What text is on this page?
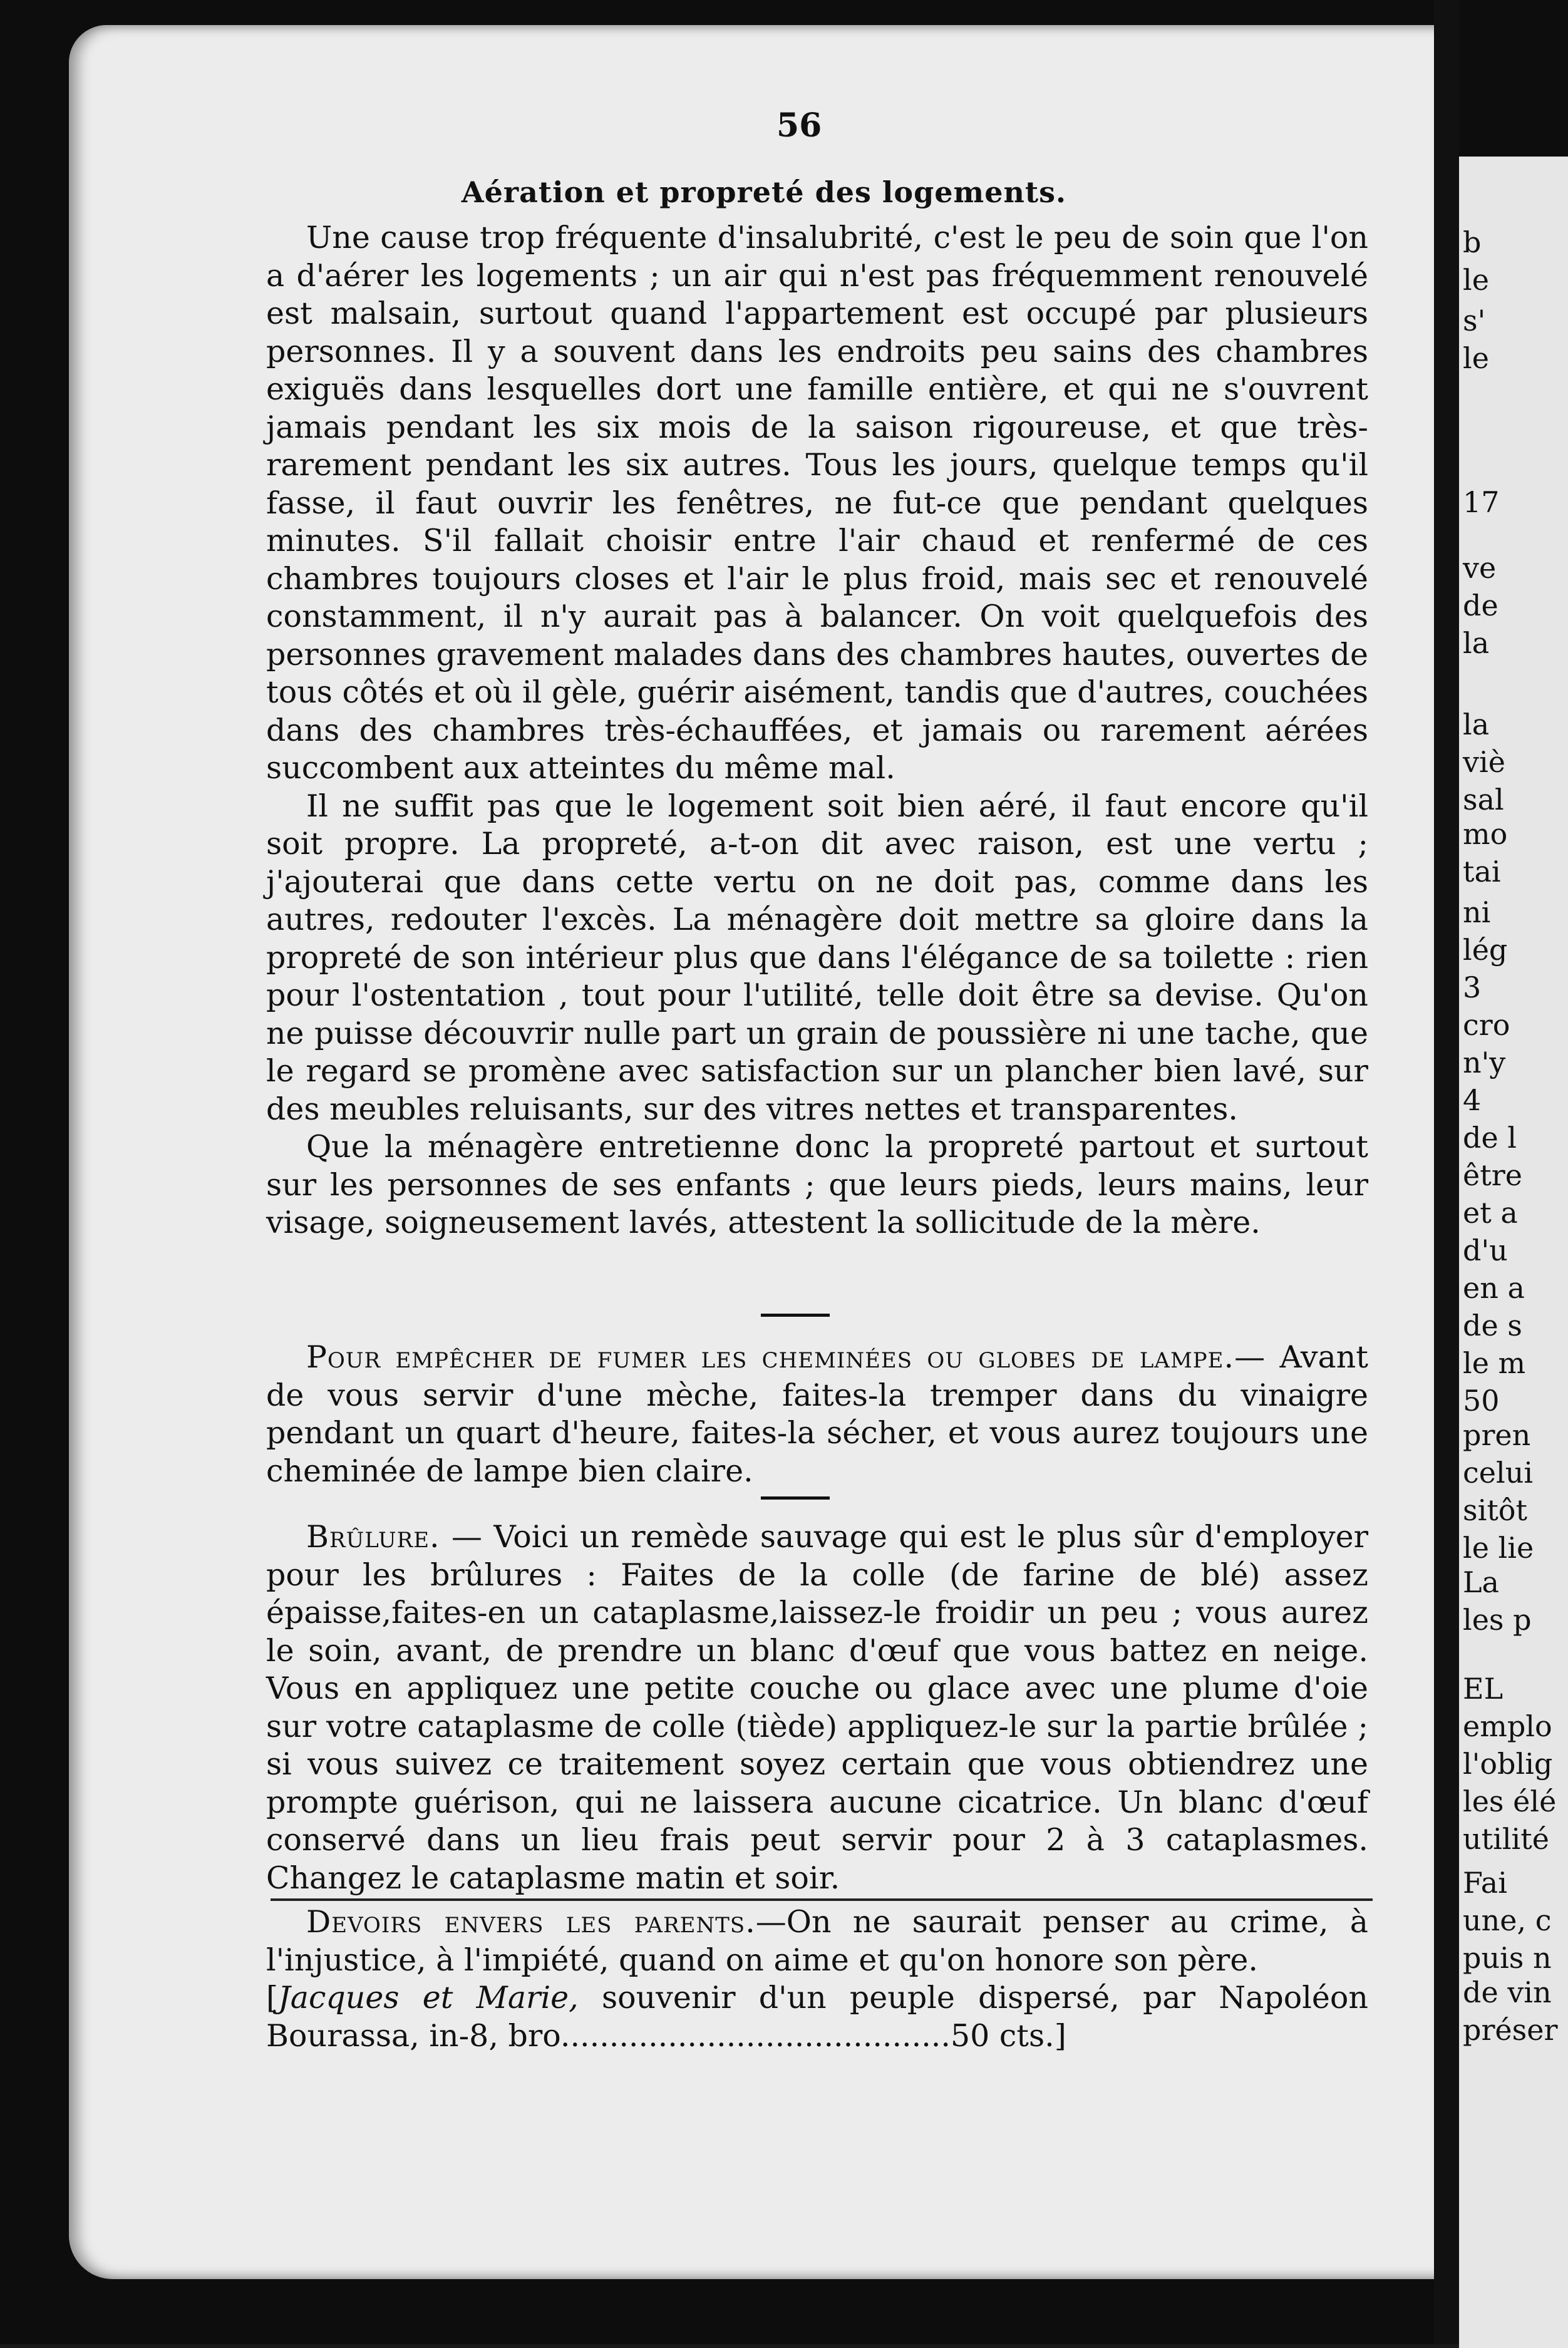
b
le
s'
le
17
ve
de
la
la
viè
sal
mo
tai
ni
lég
3
cro
n'y
4
de l
être
et a
d'u
en a
de s
le m
50
pren
celui
sitôt
le lie
La
les p
EL
emplo
l'oblig
les élé
utilité
Fai
une, c
puis n
de vin
préser
56
Aération et propreté des logements.

Une cause trop fréquente d'insalubrité, c'est le peu de soin que l'on a d'aérer les logements ; un air qui n'est pas fréquemment renouvelé est malsain, surtout quand l'appartement est occupé par plusieurs personnes. Il y a souvent dans les endroits peu sains des chambres exiguës dans lesquelles dort une famille entière, et qui ne s'ouvrent jamais pendant les six mois de la saison rigoureuse, et que très-rarement pendant les six autres. Tous les jours, quelque temps qu'il fasse, il faut ouvrir les fenêtres, ne fut-ce que pendant quelques minutes. S'il fallait choisir entre l'air chaud et renfermé de ces chambres toujours closes et l'air le plus froid, mais sec et renouvelé constamment, il n'y aurait pas à balancer. On voit quelquefois des personnes gravement malades dans des chambres hautes, ouvertes de tous côtés et où il gèle, guérir aisément, tandis que d'autres, couchées dans des chambres très-échauffées, et jamais ou rarement aérées succombent aux atteintes du même mal.

Il ne suffit pas que le logement soit bien aéré, il faut encore qu'il soit propre. La propreté, a-t-on dit avec raison, est une vertu ; j'ajouterai que dans cette vertu on ne doit pas, comme dans les autres, redouter l'excès. La ménagère doit mettre sa gloire dans la propreté de son intérieur plus que dans l'élégance de sa toilette : rien pour l'ostentation , tout pour l'utilité, telle doit être sa devise. Qu'on ne puisse découvrir nulle part un grain de poussière ni une tache, que le regard se promène avec satisfaction sur un plancher bien lavé, sur des meubles reluisants, sur des vitres nettes et transparentes.

Que la ménagère entretienne donc la propreté partout et surtout sur les personnes de ses enfants ; que leurs pieds, leurs mains, leur visage, soigneusement lavés, attestent la sollicitude de la mère.

Pour empêcher de fumer les cheminées ou globes de lampe.— Avant de vous servir d'une mèche, faites-la tremper dans du vinaigre pendant un quart d'heure, faites-la sécher, et vous aurez toujours une cheminée de lampe bien claire.

Brûlure. — Voici un remède sauvage qui est le plus sûr d'employer pour les brûlures : Faites de la colle (de farine de blé) assez épaisse,faites-en un cataplasme,laissez-le froidir un peu ; vous aurez le soin, avant, de prendre un blanc d'œuf que vous battez en neige. Vous en appliquez une petite couche ou glace avec une plume d'oie sur votre cataplasme de colle (tiède) appliquez-le sur la partie brûlée ; si vous suivez ce traitement soyez certain que vous obtiendrez une prompte guérison, qui ne laissera aucune cicatrice. Un blanc d'œuf conservé dans un lieu frais peut servir pour 2 à 3 cataplasmes. Changez le cataplasme matin et soir.

Devoirs envers les parents.—On ne saurait penser au crime, à l'injustice, à l'impiété, quand on aime et qu'on honore son père.

[Jacques et Marie, souvenir d'un peuple dispersé, par Napoléon Bourassa, in-8, bro........................................50 cts.]
